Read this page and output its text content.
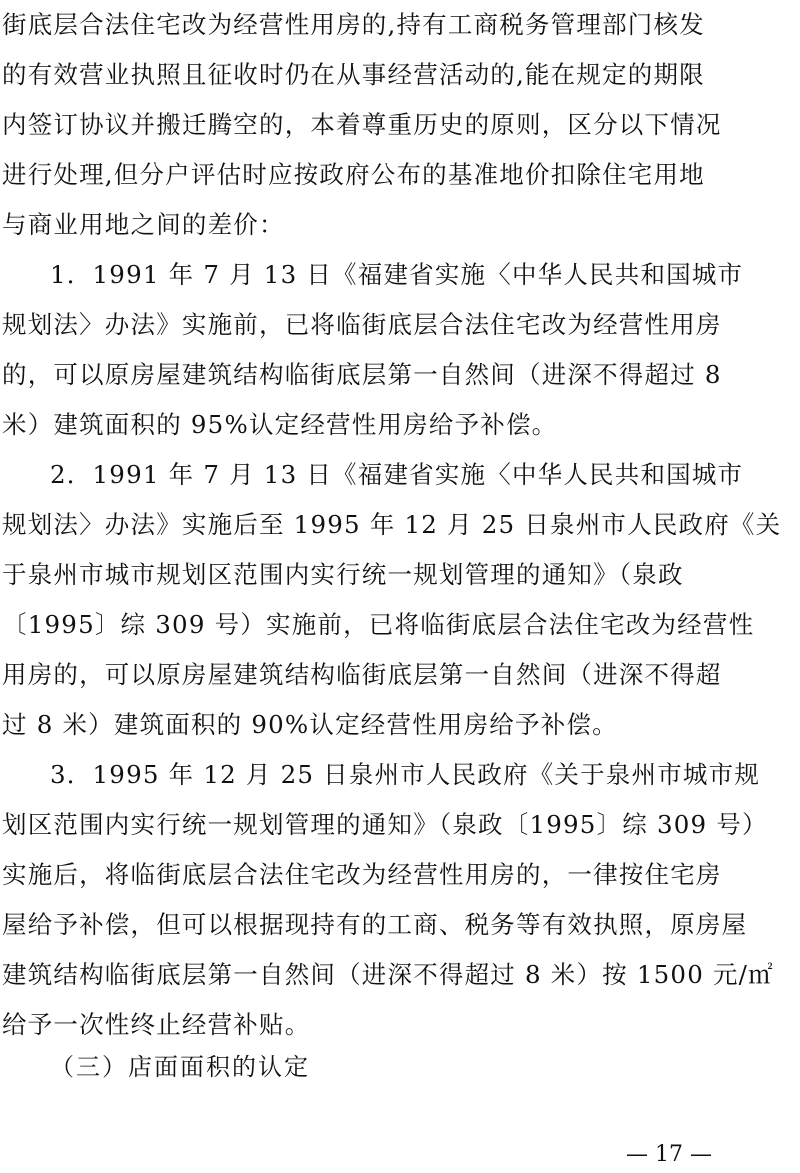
街底层合法住宅改为经营性用房的,持有工商税务管理部门核发
的有效营业执照且征收时仍在从事经营活动的,能在规定的期限
内签订协议并搬迁腾空的，本着尊重历史的原则，区分以下情况
进行处理,但分户评估时应按政府公布的基准地价扣除住宅用地
与商业用地之间的差价：
1．1991 年 7 月 13 日《福建省实施〈中华人民共和国城市
规划法〉办法》实施前，已将临街底层合法住宅改为经营性用房
的，可以原房屋建筑结构临街底层第一自然间（进深不得超过 8
米）建筑面积的 95%认定经营性用房给予补偿。
2．1991 年 7 月 13 日《福建省实施〈中华人民共和国城市
规划法〉办法》实施后至 1995 年 12 月 25 日泉州市人民政府《关
于泉州市城市规划区范围内实行统一规划管理的通知》（泉政
〔1995〕综 309 号）实施前，已将临街底层合法住宅改为经营性
用房的，可以原房屋建筑结构临街底层第一自然间（进深不得超
过 8 米）建筑面积的 90%认定经营性用房给予补偿。
3．1995 年 12 月 25 日泉州市人民政府《关于泉州市城市规
划区范围内实行统一规划管理的通知》（泉政〔1995〕综 309 号）
实施后，将临街底层合法住宅改为经营性用房的，一律按住宅房
屋给予补偿，但可以根据现持有的工商、税务等有效执照，原房屋
建筑结构临街底层第一自然间（进深不得超过 8 米）按 1500 元/㎡
给予一次性终止经营补贴。
（三）店面面积的认定
— 17 —
